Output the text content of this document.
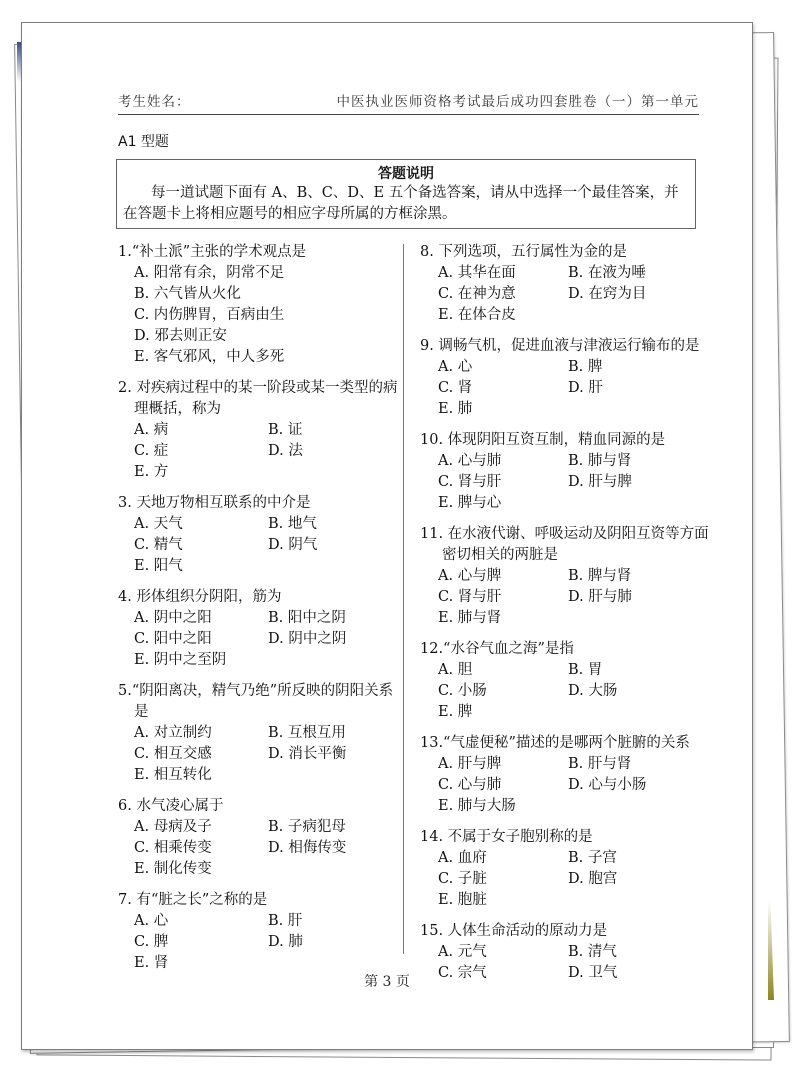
考生姓名：	中医执业医师资格考试最后成功四套胜卷（一）第一单元
A1 型题
答题说明
每一道试题下面有 A、B、C、D、E 五个备选答案，请从中选择一个最佳答案，并在答题卡上将相应题号的相应字母所属的方框涂黑。
1.“补土派”主张的学术观点是
A. 阳常有余，阴常不足
B. 六气皆从火化
C. 内伤脾胃，百病由生
D. 邪去则正安
E. 客气邪风，中人多死
2. 对疾病过程中的某一阶段或某一类型的病理概括，称为
A. 病	B. 证
C. 症	D. 法
E. 方
3. 天地万物相互联系的中介是
A. 天气	B. 地气
C. 精气	D. 阴气
E. 阳气
4. 形体组织分阴阳，筋为
A. 阴中之阳	B. 阳中之阴
C. 阳中之阳	D. 阴中之阴
E. 阴中之至阴
5.“阴阳离决，精气乃绝”所反映的阴阳关系是
A. 对立制约	B. 互根互用
C. 相互交感	D. 消长平衡
E. 相互转化
6. 水气凌心属于
A. 母病及子	B. 子病犯母
C. 相乘传变	D. 相侮传变
E. 制化传变
7. 有“脏之长”之称的是
A. 心	B. 肝
C. 脾	D. 肺
E. 肾
8. 下列选项，五行属性为金的是
A. 其华在面	B. 在液为唾
C. 在神为意	D. 在窍为目
E. 在体合皮
9. 调畅气机，促进血液与津液运行输布的是
A. 心	B. 脾
C. 肾	D. 肝
E. 肺
10. 体现阴阳互资互制，精血同源的是
A. 心与肺	B. 肺与肾
C. 肾与肝	D. 肝与脾
E. 脾与心
11. 在水液代谢、呼吸运动及阴阳互资等方面密切相关的两脏是
A. 心与脾	B. 脾与肾
C. 肾与肝	D. 肝与肺
E. 肺与肾
12.“水谷气血之海”是指
A. 胆	B. 胃
C. 小肠	D. 大肠
E. 脾
13.“气虚便秘”描述的是哪两个脏腑的关系
A. 肝与脾	B. 肝与肾
C. 心与肺	D. 心与小肠
E. 肺与大肠
14. 不属于女子胞别称的是
A. 血府	B. 子宫
C. 子脏	D. 胞宫
E. 胞脏
15. 人体生命活动的原动力是
A. 元气	B. 清气
C. 宗气	D. 卫气
第 3 页
